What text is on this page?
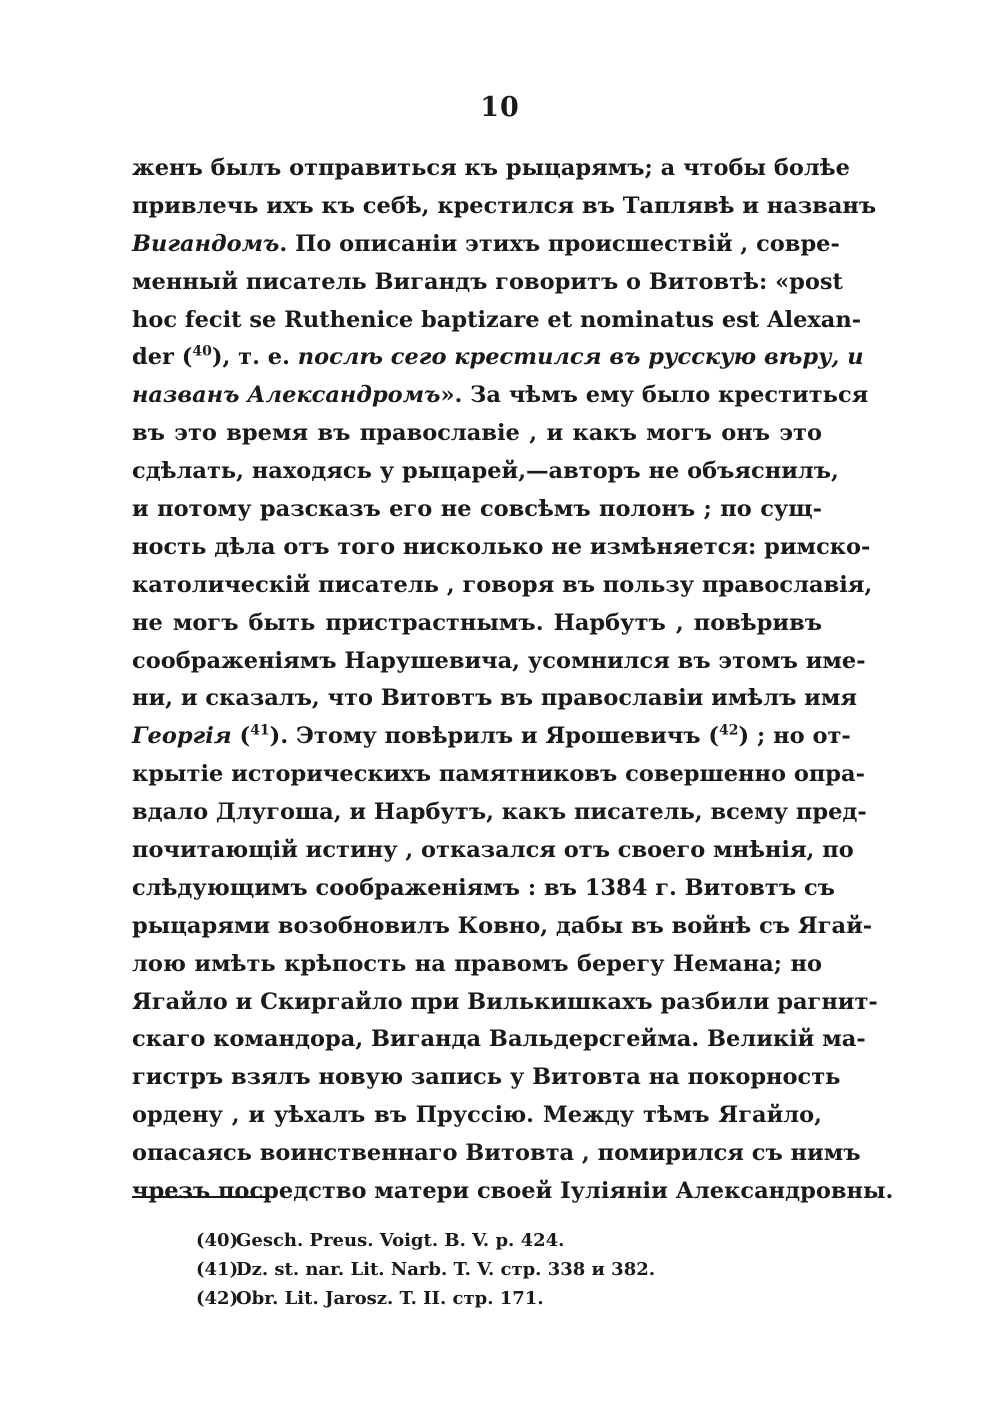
10
женъ былъ отправиться къ рыцарямъ; а чтобы болѣе
привлечь ихъ къ себѣ, крестился въ Таплявѣ и названъ
Вигандомъ. По описаніи этихъ происшествій , совре-
менный писатель Вигандъ говоритъ о Витовтѣ: «post
hoc fecit se Ruthenice baptizare et nominatus est Alexan-
der ($^{40}$), т. е. послѣ сего крестился въ русскую вѣру, и
названъ Александромъ». За чѣмъ ему было креститься
въ это время въ православіе , и какъ могъ онъ это
сдѣлать, находясь у рыцарей,—авторъ не объяснилъ,
и потому разсказъ его не совсѣмъ полонъ ; по сущ-
ность дѣла отъ того нисколько не измѣняется: римско-
католическій писатель , говоря въ пользу православія,
не могъ быть пристрастнымъ. Нарбутъ , повѣривъ
соображеніямъ Нарушевича, усомнился въ этомъ име-
ни, и сказалъ, что Витовтъ въ православіи имѣлъ имя
Георгія ($^{41}$). Этому повѣрилъ и Ярошевичъ ($^{42}$) ; но от-
крытіе историческихъ памятниковъ совершенно опра-
вдало Длугоша, и Нарбутъ, какъ писатель, всему пред-
почитающій истину , отказался отъ своего мнѣнія, по
слѣдующимъ соображеніямъ : въ 1384 г. Витовтъ съ
рыцарями возобновилъ Ковно, дабы въ войнѣ съ Ягай-
лою имѣть крѣпость на правомъ берегу Немана; но
Ягайло и Скиргайло при Вилькишкахъ разбили рагнит-
скаго командора, Виганда Вальдерсгейма. Великій ма-
гистръ взялъ новую запись у Витовта на покорность
ордену , и уѣхалъ въ Пруссію. Между тѣмъ Ягайло,
опасаясь воинственнаго Витовта , помирился съ нимъ
чрезъ посредство матери своей Іуліяніи Александровны.
(40)Gesch. Preus. Voigt. B. V. p. 424.
(41)Dz. st. nar. Lit. Narb. T. V. стр. 338 и 382.
(42)Obr. Lit. Jarosz. T. II. стр. 171.
